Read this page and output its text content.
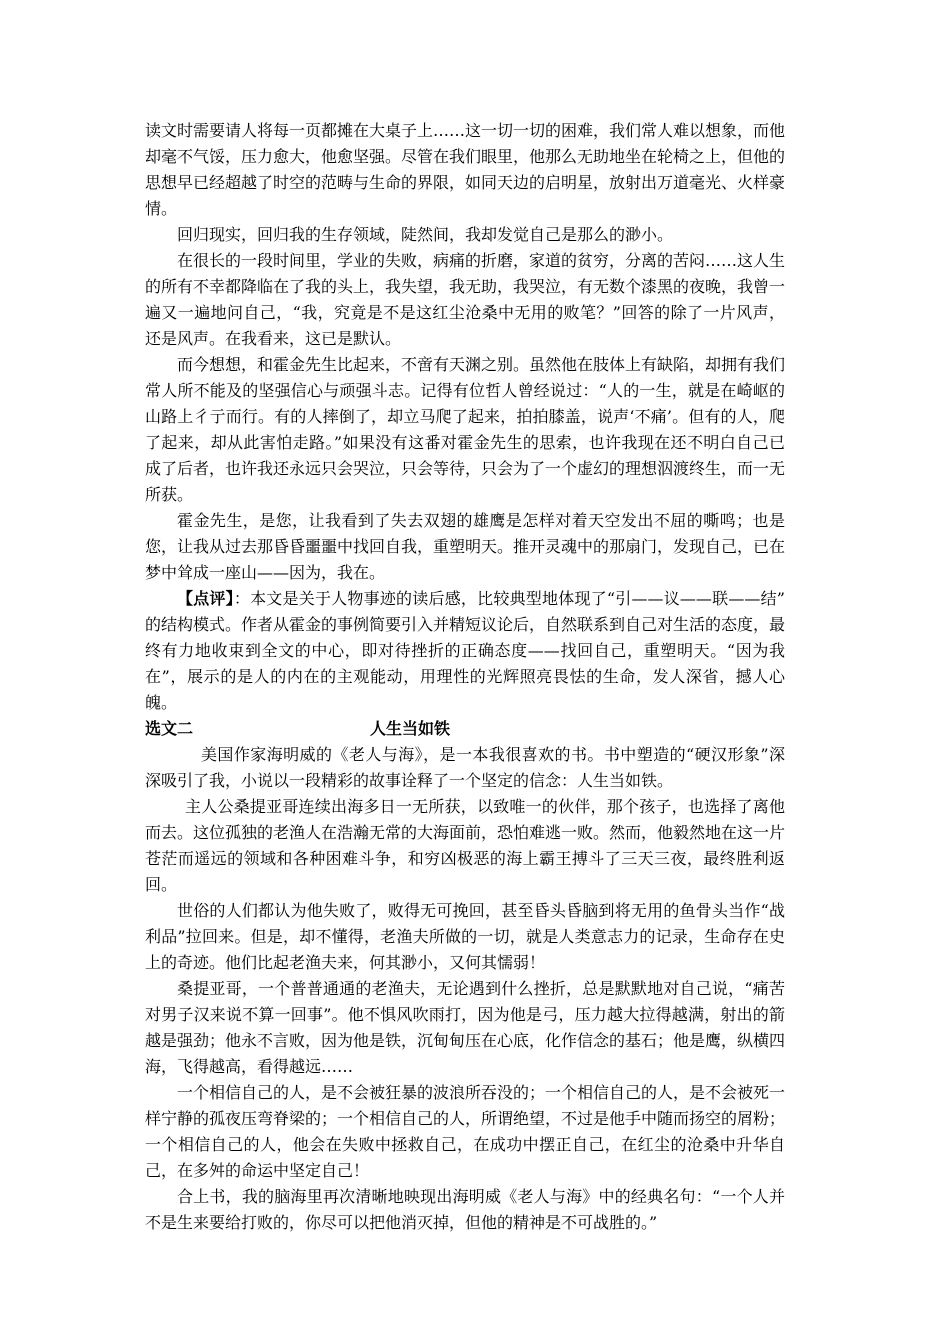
读文时需要请人将每一页都摊在大桌子上……这一切一切的困难，我们常人难以想象，而他却毫不气馁，压力愈大，他愈坚强。尽管在我们眼里，他那么无助地坐在轮椅之上，但他的思想早已经超越了时空的范畴与生命的界限，如同天边的启明星，放射出万道毫光、火样豪情。

回归现实，回归我的生存领域，陡然间，我却发觉自己是那么的渺小。

在很长的一段时间里，学业的失败，病痛的折磨，家道的贫穷，分离的苦闷……这人生的所有不幸都降临在了我的头上，我失望，我无助，我哭泣，有无数个漆黑的夜晚，我曾一遍又一遍地问自己，“我，究竟是不是这红尘沧桑中无用的败笔？”回答的除了一片风声，还是风声。在我看来，这已是默认。

而今想想，和霍金先生比起来，不啻有天渊之别。虽然他在肢体上有缺陷，却拥有我们常人所不能及的坚强信心与顽强斗志。记得有位哲人曾经说过：“人的一生，就是在崎岖的山路上彳亍而行。有的人摔倒了，却立马爬了起来，拍拍膝盖，说声‘不痛’。但有的人，爬了起来，却从此害怕走路。”如果没有这番对霍金先生的思索，也许我现在还不明白自己已成了后者，也许我还永远只会哭泣，只会等待，只会为了一个虚幻的理想泅渡终生，而一无所获。

霍金先生，是您，让我看到了失去双翅的雄鹰是怎样对着天空发出不屈的嘶鸣；也是您，让我从过去那昏昏噩噩中找回自我，重塑明天。推开灵魂中的那扇门，发现自己，已在梦中耸成一座山——因为，我在。

【点评】：本文是关于人物事迹的读后感，比较典型地体现了“引——议——联——结” 的结构模式。作者从霍金的事例简要引入并精短议论后，自然联系到自己对生活的态度，最终有力地收束到全文的中心，即对待挫折的正确态度——找回自己，重塑明天。“因为我在”，展示的是人的内在的主观能动，用理性的光辉照亮畏怯的生命，发人深省，撼人心魄。

选文二	人生当如铁

美国作家海明威的《老人与海》，是一本我很喜欢的书。书中塑造的“硬汉形象”深深吸引了我，小说以一段精彩的故事诠释了一个坚定的信念：人生当如铁。

主人公桑提亚哥连续出海多日一无所获，以致唯一的伙伴，那个孩子，也选择了离他而去。这位孤独的老渔人在浩瀚无常的大海面前，恐怕难逃一败。然而，他毅然地在这一片苍茫而遥远的领域和各种困难斗争，和穷凶极恶的海上霸王搏斗了三天三夜，最终胜利返回。

世俗的人们都认为他失败了，败得无可挽回，甚至昏头昏脑到将无用的鱼骨头当作“战利品”拉回来。但是，却不懂得，老渔夫所做的一切，就是人类意志力的记录，生命存在史上的奇迹。他们比起老渔夫来，何其渺小，又何其懦弱！

桑提亚哥，一个普普通通的老渔夫，无论遇到什么挫折，总是默默地对自己说，“痛苦对男子汉来说不算一回事”。他不惧风吹雨打，因为他是弓，压力越大拉得越满，射出的箭越是强劲；他永不言败，因为他是铁，沉甸甸压在心底，化作信念的基石；他是鹰，纵横四海，飞得越高，看得越远……

一个相信自己的人，是不会被狂暴的波浪所吞没的；一个相信自己的人，是不会被死一样宁静的孤夜压弯脊梁的；一个相信自己的人，所谓绝望，不过是他手中随而扬空的屑粉；一个相信自己的人，他会在失败中拯救自己，在成功中摆正自己，在红尘的沧桑中升华自己，在多舛的命运中坚定自己！

合上书，我的脑海里再次清晰地映现出海明威《老人与海》中的经典名句：“一个人并不是生来要给打败的，你尽可以把他消灭掉，但他的精神是不可战胜的。”
